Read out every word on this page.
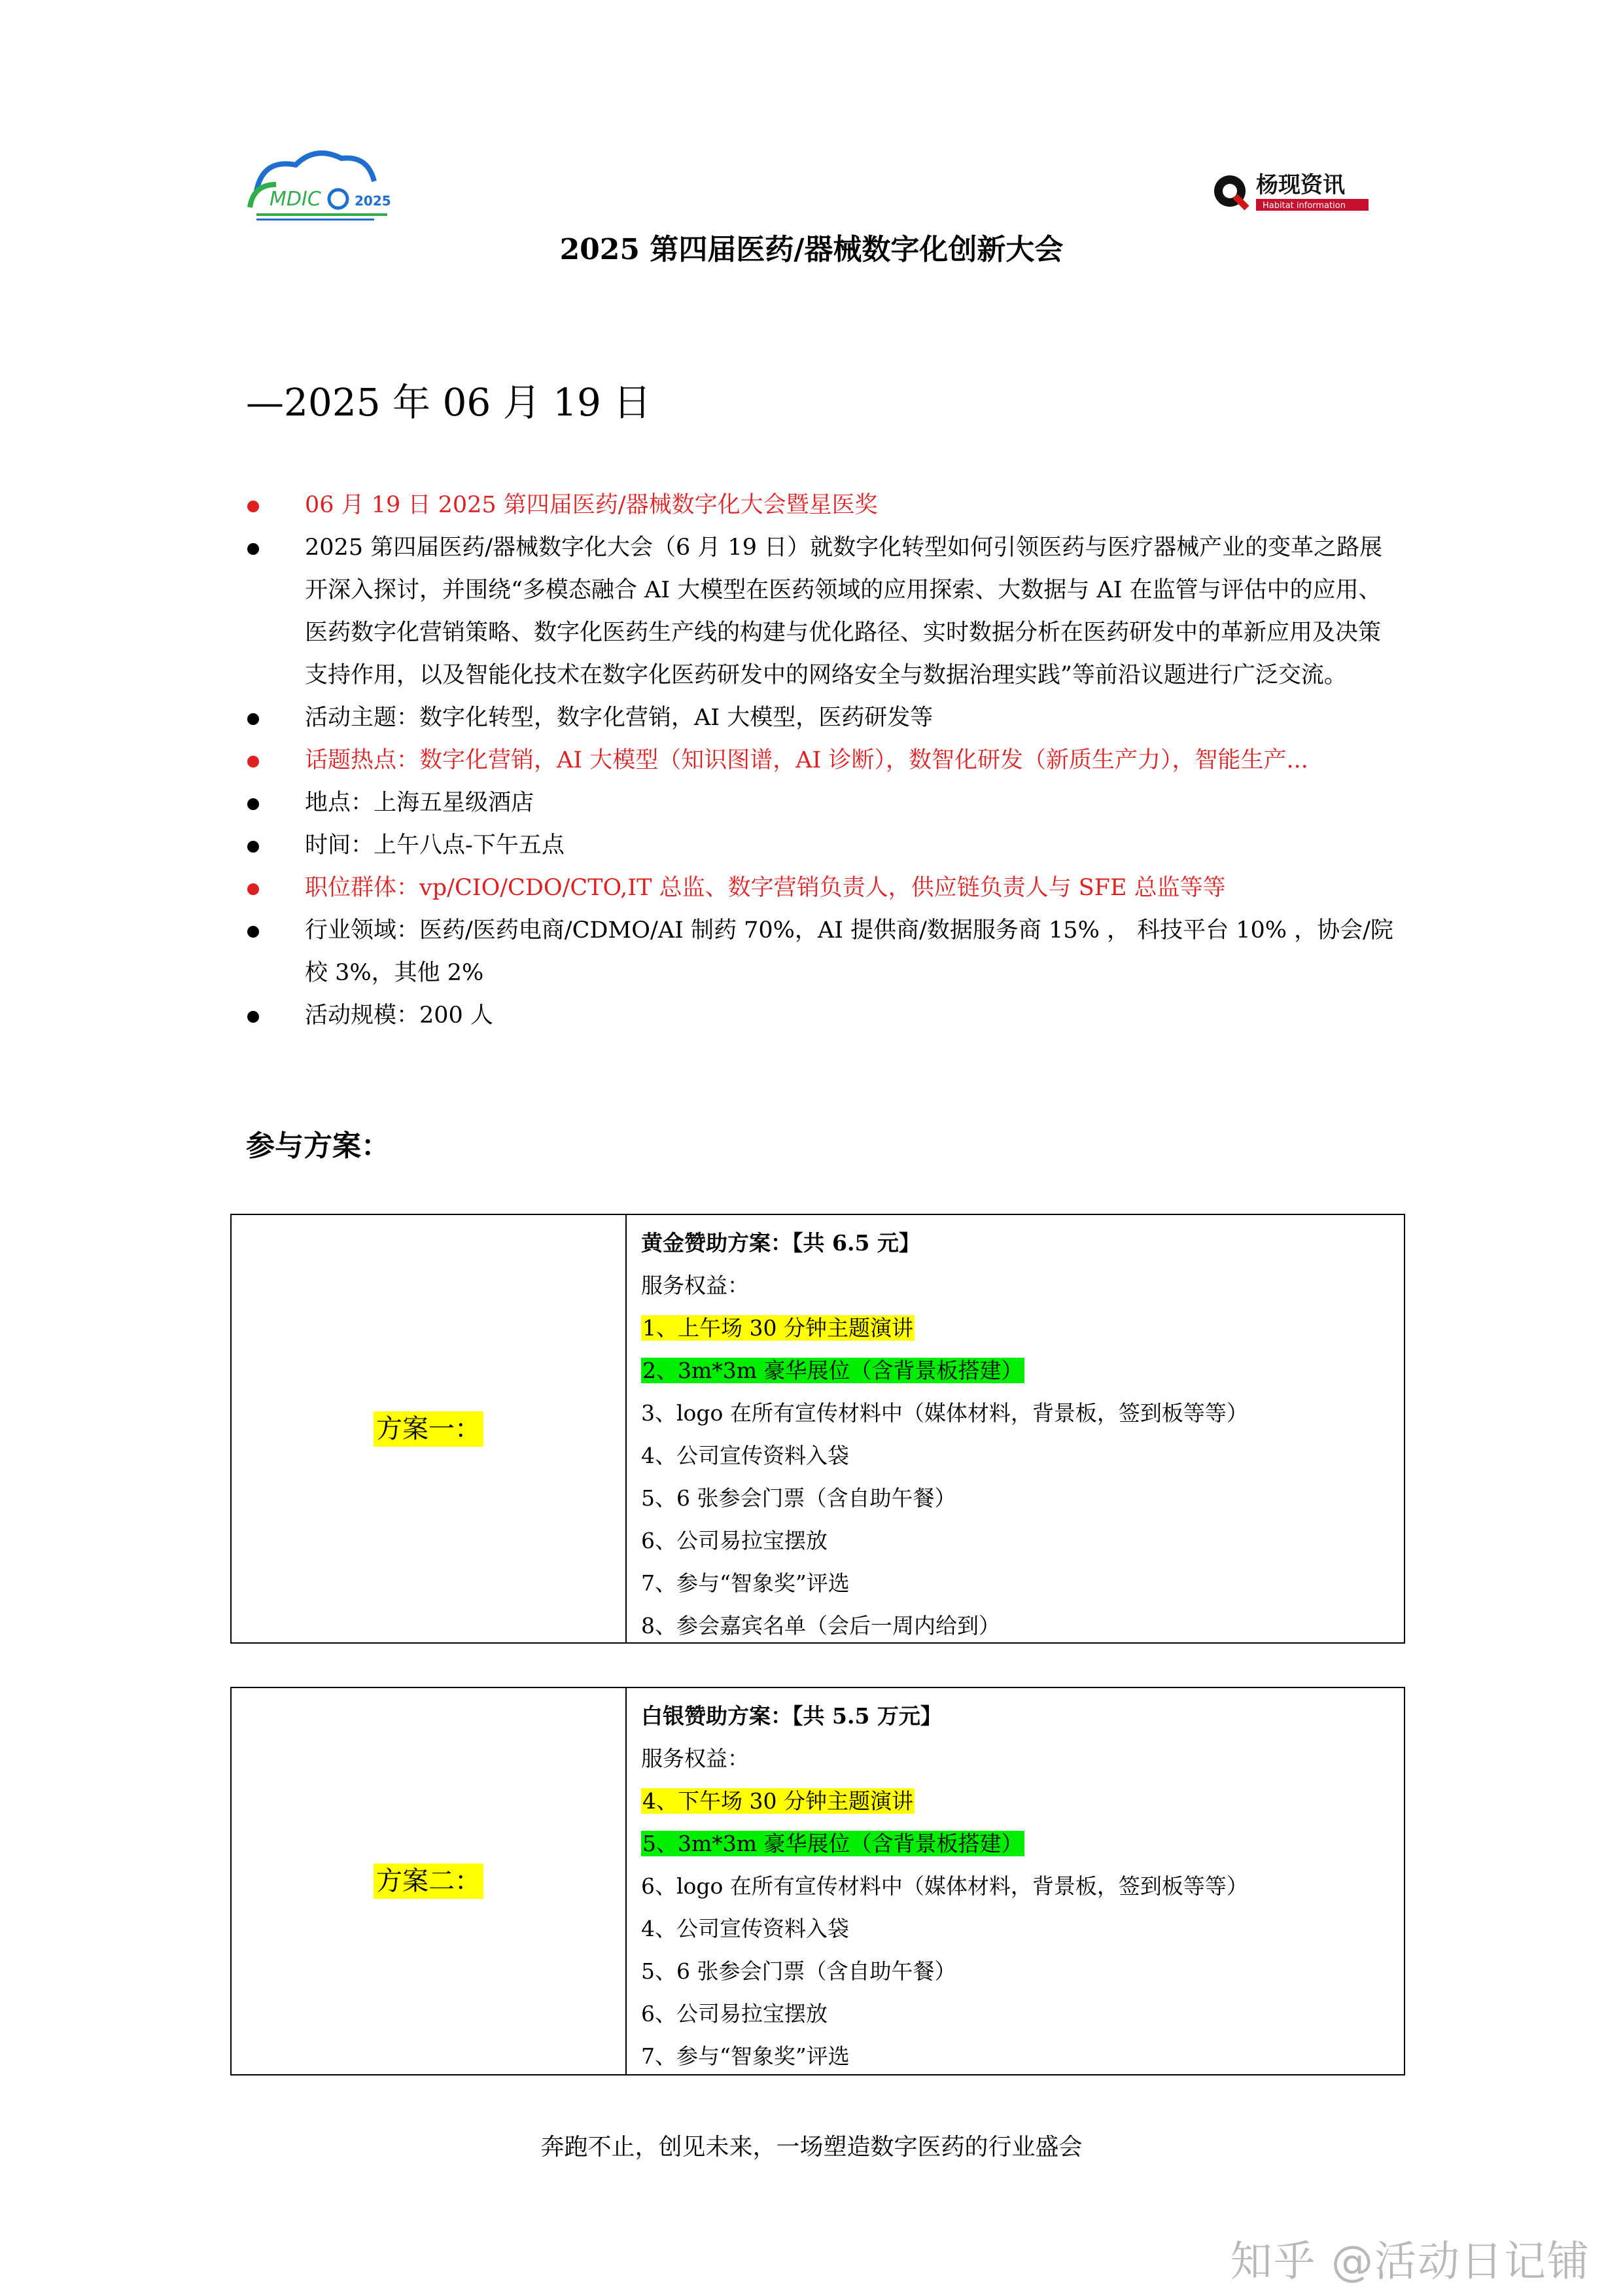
MDIC	2025
杨现资讯
Habitat information
2025 第四届医药/器械数字化创新大会
—2025 年 06 月 19 日
06 月 19 日 2025 第四届医药/器械数字化大会暨星医奖
2025 第四届医药/器械数字化大会（6 月 19 日）就数字化转型如何引领医药与医疗器械产业的变革之路展开深入探讨，并围绕“多模态融合 AI 大模型在医药领域的应用探索、大数据与 AI 在监管与评估中的应用、医药数字化营销策略、数字化医药生产线的构建与优化路径、实时数据分析在医药研发中的革新应用及决策支持作用，以及智能化技术在数字化医药研发中的网络安全与数据治理实践”等前沿议题进行广泛交流。
活动主题：数字化转型，数字化营销，AI 大模型，医药研发等
话题热点：数字化营销，AI 大模型（知识图谱，AI 诊断），数智化研发（新质生产力），智能生产...
地点：上海五星级酒店
时间：上午八点-下午五点
职位群体：vp/CIO/CDO/CTO,IT 总监、数字营销负责人，供应链负责人与 SFE 总监等等
行业领域：医药/医药电商/CDMO/AI 制药 70%，AI 提供商/数据服务商 15% ， 科技平台 10% ，协会/院校 3%，其他 2%
活动规模：200 人
参与方案：
方案一：
黄金赞助方案：【共 6.5 元】
服务权益：
1、上午场 30 分钟主题演讲
2、3m*3m 豪华展位（含背景板搭建）
3、logo 在所有宣传材料中（媒体材料，背景板，签到板等等）
4、公司宣传资料入袋
5、6 张参会门票（含自助午餐）
6、公司易拉宝摆放
7、参与“智象奖”评选
8、参会嘉宾名单（会后一周内给到）
方案二：
白银赞助方案：【共 5.5 万元】
服务权益：
4、下午场 30 分钟主题演讲
5、3m*3m 豪华展位（含背景板搭建）
6、logo 在所有宣传材料中（媒体材料，背景板，签到板等等）
4、公司宣传资料入袋
5、6 张参会门票（含自助午餐）
6、公司易拉宝摆放
7、参与“智象奖”评选
奔跑不止，创见未来，一场塑造数字医药的行业盛会
知乎 @活动日记铺
